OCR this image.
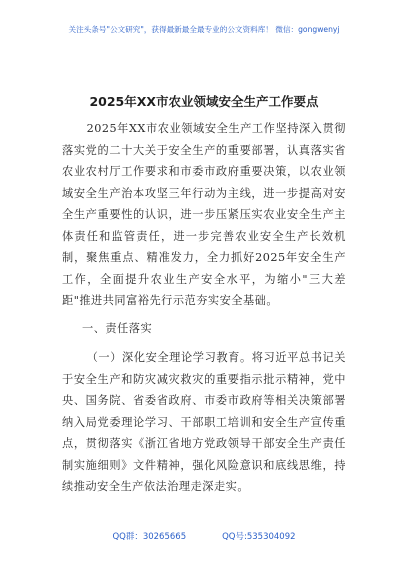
关注头条号"公文研究"，获得最新最全最专业的公文资料库！ 微信：gongwenyj
2025年XX市农业领域安全生产工作要点

2025年XX市农业领域安全生产工作坚持深入贯彻落实党的二十大关于安全生产的重要部署，认真落实省农业农村厅工作要求和市委市政府重要决策，以农业领域安全生产治本攻坚三年行动为主线，进一步提高对安全生产重要性的认识，进一步压紧压实农业安全生产主体责任和监管责任，进一步完善农业安全生产长效机制，聚焦重点、精准发力，全力抓好2025年安全生产工作，全面提升农业生产安全水平，为缩小"三大差距"推进共同富裕先行示范夯实安全基础。

一、责任落实

（一）深化安全理论学习教育。将习近平总书记关于安全生产和防灾减灾救灾的重要指示批示精神，党中央、国务院、省委省政府、市委市政府等相关决策部署纳入局党委理论学习、干部职工培训和安全生产宣传重点，贯彻落实《浙江省地方党政领导干部安全生产责任制实施细则》文件精神，强化风险意识和底线思维，持续推动安全生产依法治理走深走实。

QQ群：30265665	QQ号:535304092
